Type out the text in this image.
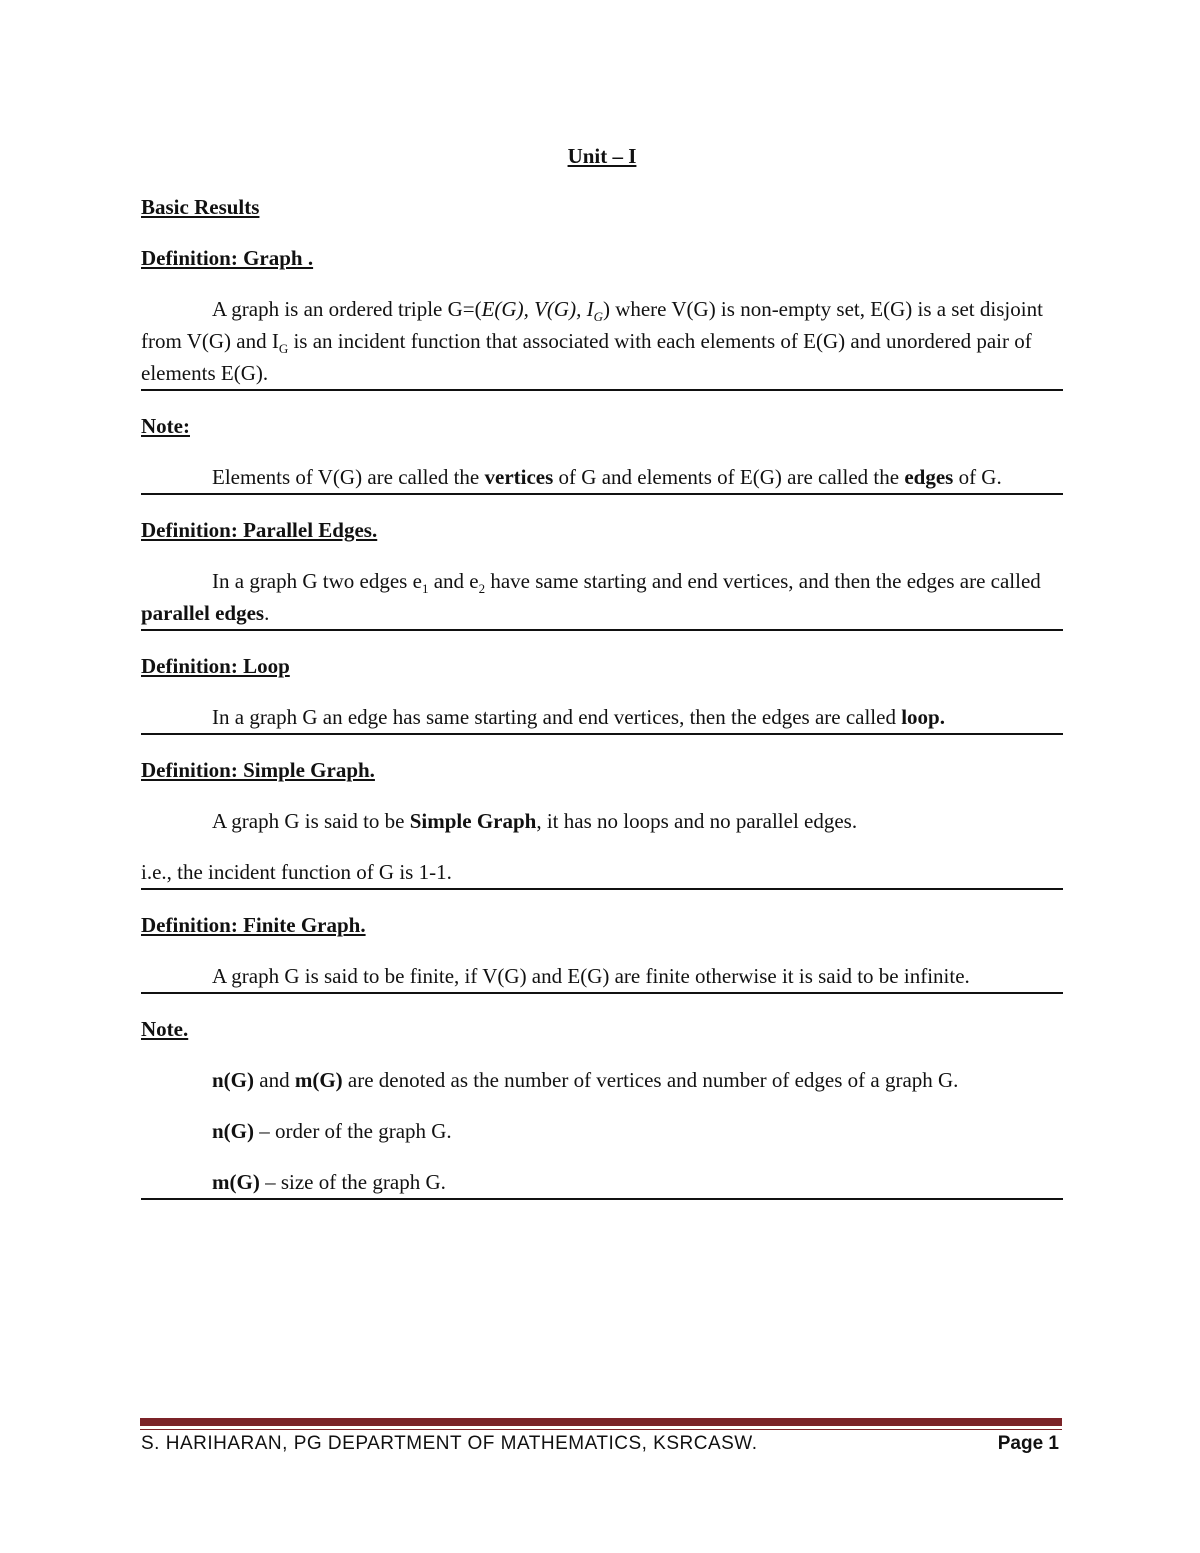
Unit – I
Basic Results
Definition: Graph .

A graph is an ordered triple G=(E(G), V(G), $I_G$) where V(G) is non-empty set, E(G) is a set disjoint from V(G) and $I_G$ is an incident function that associated with each elements of E(G) and unordered pair of elements E(G).

Note:

Elements of V(G) are called the vertices of G and elements of E(G) are called the edges of G.

Definition: Parallel Edges.

In a graph G two edges $e_1$ and $e_2$ have same starting and end vertices, and then the edges are called parallel edges.

Definition: Loop

In a graph G an edge has same starting and end vertices, then the edges are called loop.

Definition: Simple Graph.

A graph G is said to be Simple Graph, it has no loops and no parallel edges.

i.e., the incident function of G is 1-1.

Definition: Finite Graph.

A graph G is said to be finite, if V(G) and E(G) are finite otherwise it is said to be infinite.

Note.

n(G) and m(G) are denoted as the number of vertices and number of edges of a graph G.

n(G) – order of the graph G.

m(G) – size of the graph G.

S. HARIHARAN, PG DEPARTMENT OF MATHEMATICS, KSRCASW.	Page 1
